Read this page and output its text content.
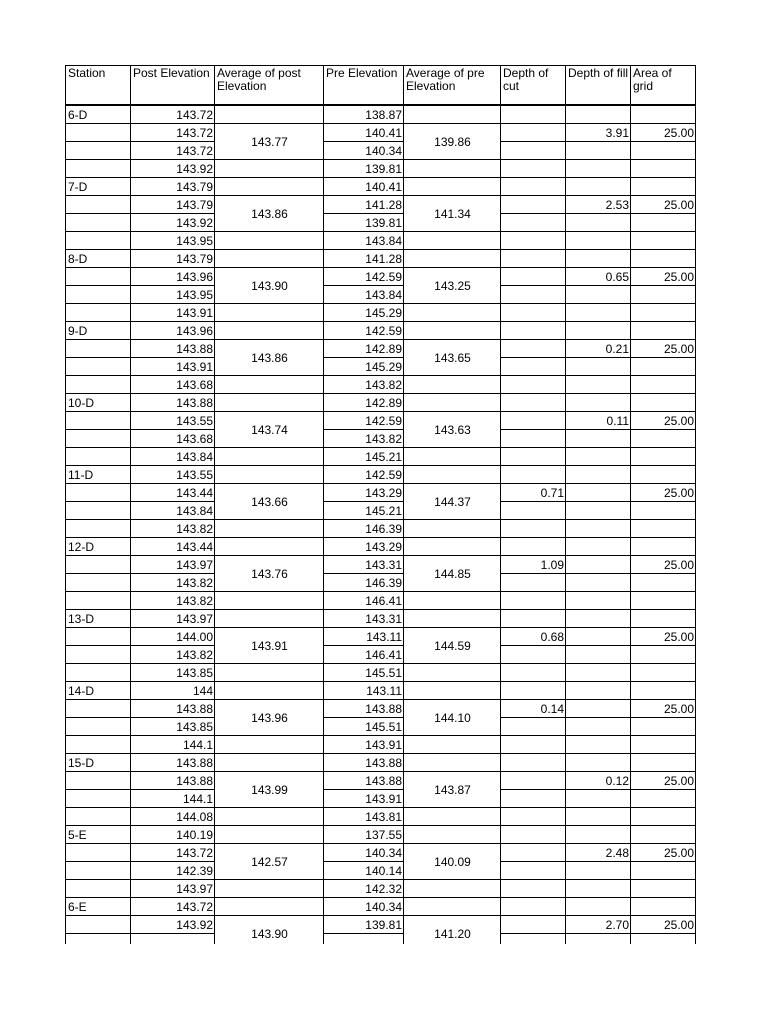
Station	Post Elevation	Average of post Elevation	Pre Elevation	Average of pre Elevation	Depth of cut	Depth of fill	Area of grid

6-D	143.72		138.87				
	143.72	143.77	140.41	139.86		3.91	25.00
	143.72		140.34				
	143.92		139.81				
7-D	143.79		140.41				
	143.79	143.86	141.28	141.34		2.53	25.00
	143.92		139.81				
	143.95		143.84				
8-D	143.79		141.28				
	143.96	143.90	142.59	143.25		0.65	25.00
	143.95		143.84				
	143.91		145.29				
9-D	143.96		142.59				
	143.88	143.86	142.89	143.65		0.21	25.00
	143.91		145.29				
	143.68		143.82				
10-D	143.88		142.89				
	143.55	143.74	142.59	143.63		0.11	25.00
	143.68		143.82				
	143.84		145.21				
11-D	143.55		142.59				
	143.44	143.66	143.29	144.37	0.71		25.00
	143.84		145.21				
	143.82		146.39				
12-D	143.44		143.29				
	143.97	143.76	143.31	144.85	1.09		25.00
	143.82		146.39				
	143.82		146.41				
13-D	143.97		143.31				
	144.00	143.91	143.11	144.59	0.68		25.00
	143.82		146.41				
	143.85		145.51				
14-D	144		143.11				
	143.88	143.96	143.88	144.10	0.14		25.00
	143.85		145.51				
	144.1		143.91				
15-D	143.88		143.88				
	143.88	143.99	143.88	143.87		0.12	25.00
	144.1		143.91				
	144.08		143.81				
5-E	140.19		137.55				
	143.72	142.57	140.34	140.09		2.48	25.00
	142.39		140.14				
	143.97		142.32				
6-E	143.72		140.34				
	143.92	143.90	139.81	141.20		2.70	25.00
